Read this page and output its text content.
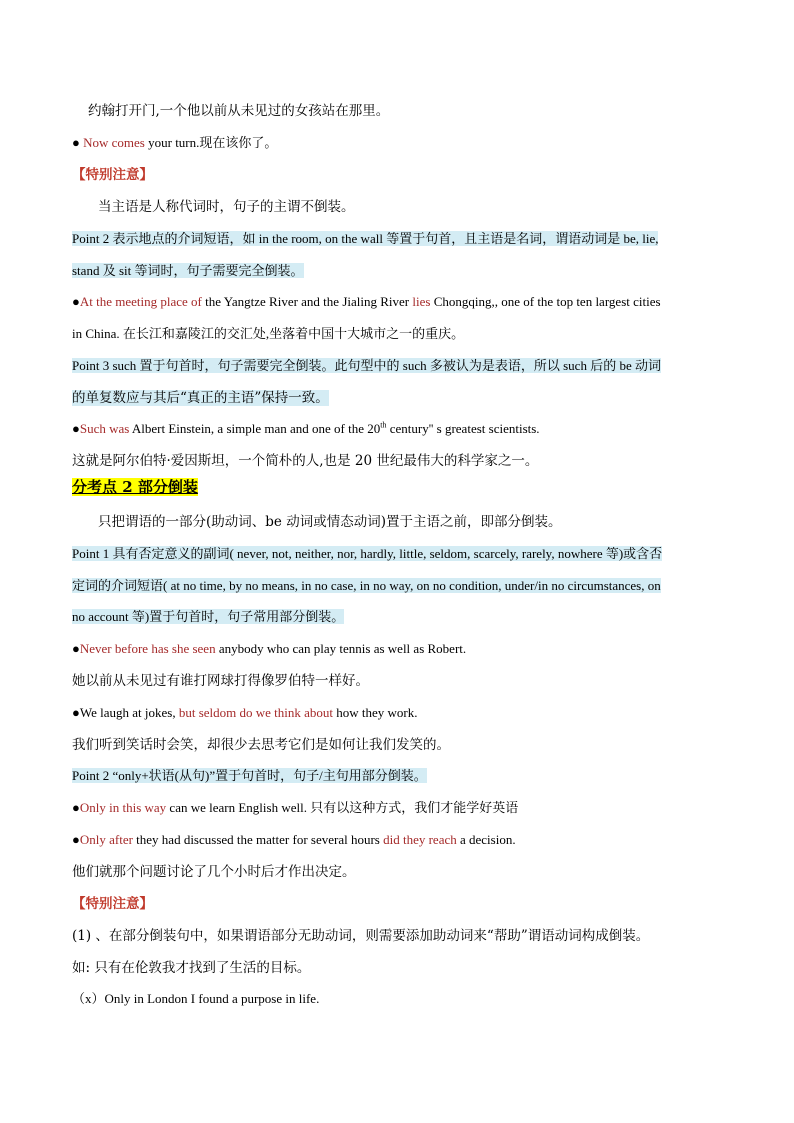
约翰打开门,一个他以前从未见过的女孩站在那里。
● Now comes your turn.现在该你了。
【特别注意】
当主语是人称代词时，句子的主谓不倒装。
Point 2 表示地点的介词短语，如 in the room, on the wall 等置于句首，且主语是名词，谓语动词是 be, lie,
stand 及 sit 等词时，句子需要完全倒装。
●At the meeting place of the Yangtze River and the Jialing River lies Chongqing,, one of the top ten largest cities
in China. 在长江和嘉陵江的交汇处,坐落着中国十大城市之一的重庆。
Point 3 such 置于句首时，句子需要完全倒装。此句型中的 such 多被认为是表语，所以 such 后的 be 动词
的单复数应与其后“真正的主语”保持一致。
●Such was Albert Einstein, a simple man and one of the 20th century'' s greatest scientists.
这就是阿尔伯特·爱因斯坦，一个简朴的人,也是 20 世纪最伟大的科学家之一。
分考点 2 部分倒装
只把谓语的一部分(助动词、be 动词或情态动词)置于主语之前，即部分倒装。
Point 1 具有否定意义的副词( never, not, neither, nor, hardly, little, seldom, scarcely, rarely, nowhere 等)或含否
定词的介词短语( at no time, by no means, in no case, in no way, on no condition, under/in no circumstances, on
no account 等)置于句首时，句子常用部分倒装。
●Never before has she seen anybody who can play tennis as well as Robert.
她以前从未见过有谁打网球打得像罗伯特一样好。
●We laugh at jokes, but seldom do we think about how they work.
我们听到笑话时会笑，却很少去思考它们是如何让我们发笑的。
Point 2 “only+状语(从句)”置于句首时，句子/主句用部分倒装。
●Only in this way can we learn English well. 只有以这种方式，我们才能学好英语
●Only after they had discussed the matter for several hours did they reach a decision.
他们就那个问题讨论了几个小时后才作出决定。
【特别注意】
(1) 、在部分倒装句中，如果谓语部分无助动词，则需要添加助动词来“帮助”谓语动词构成倒装。
如: 只有在伦敦我才找到了生活的目标。
（x）Only in London I found a purpose in life.
